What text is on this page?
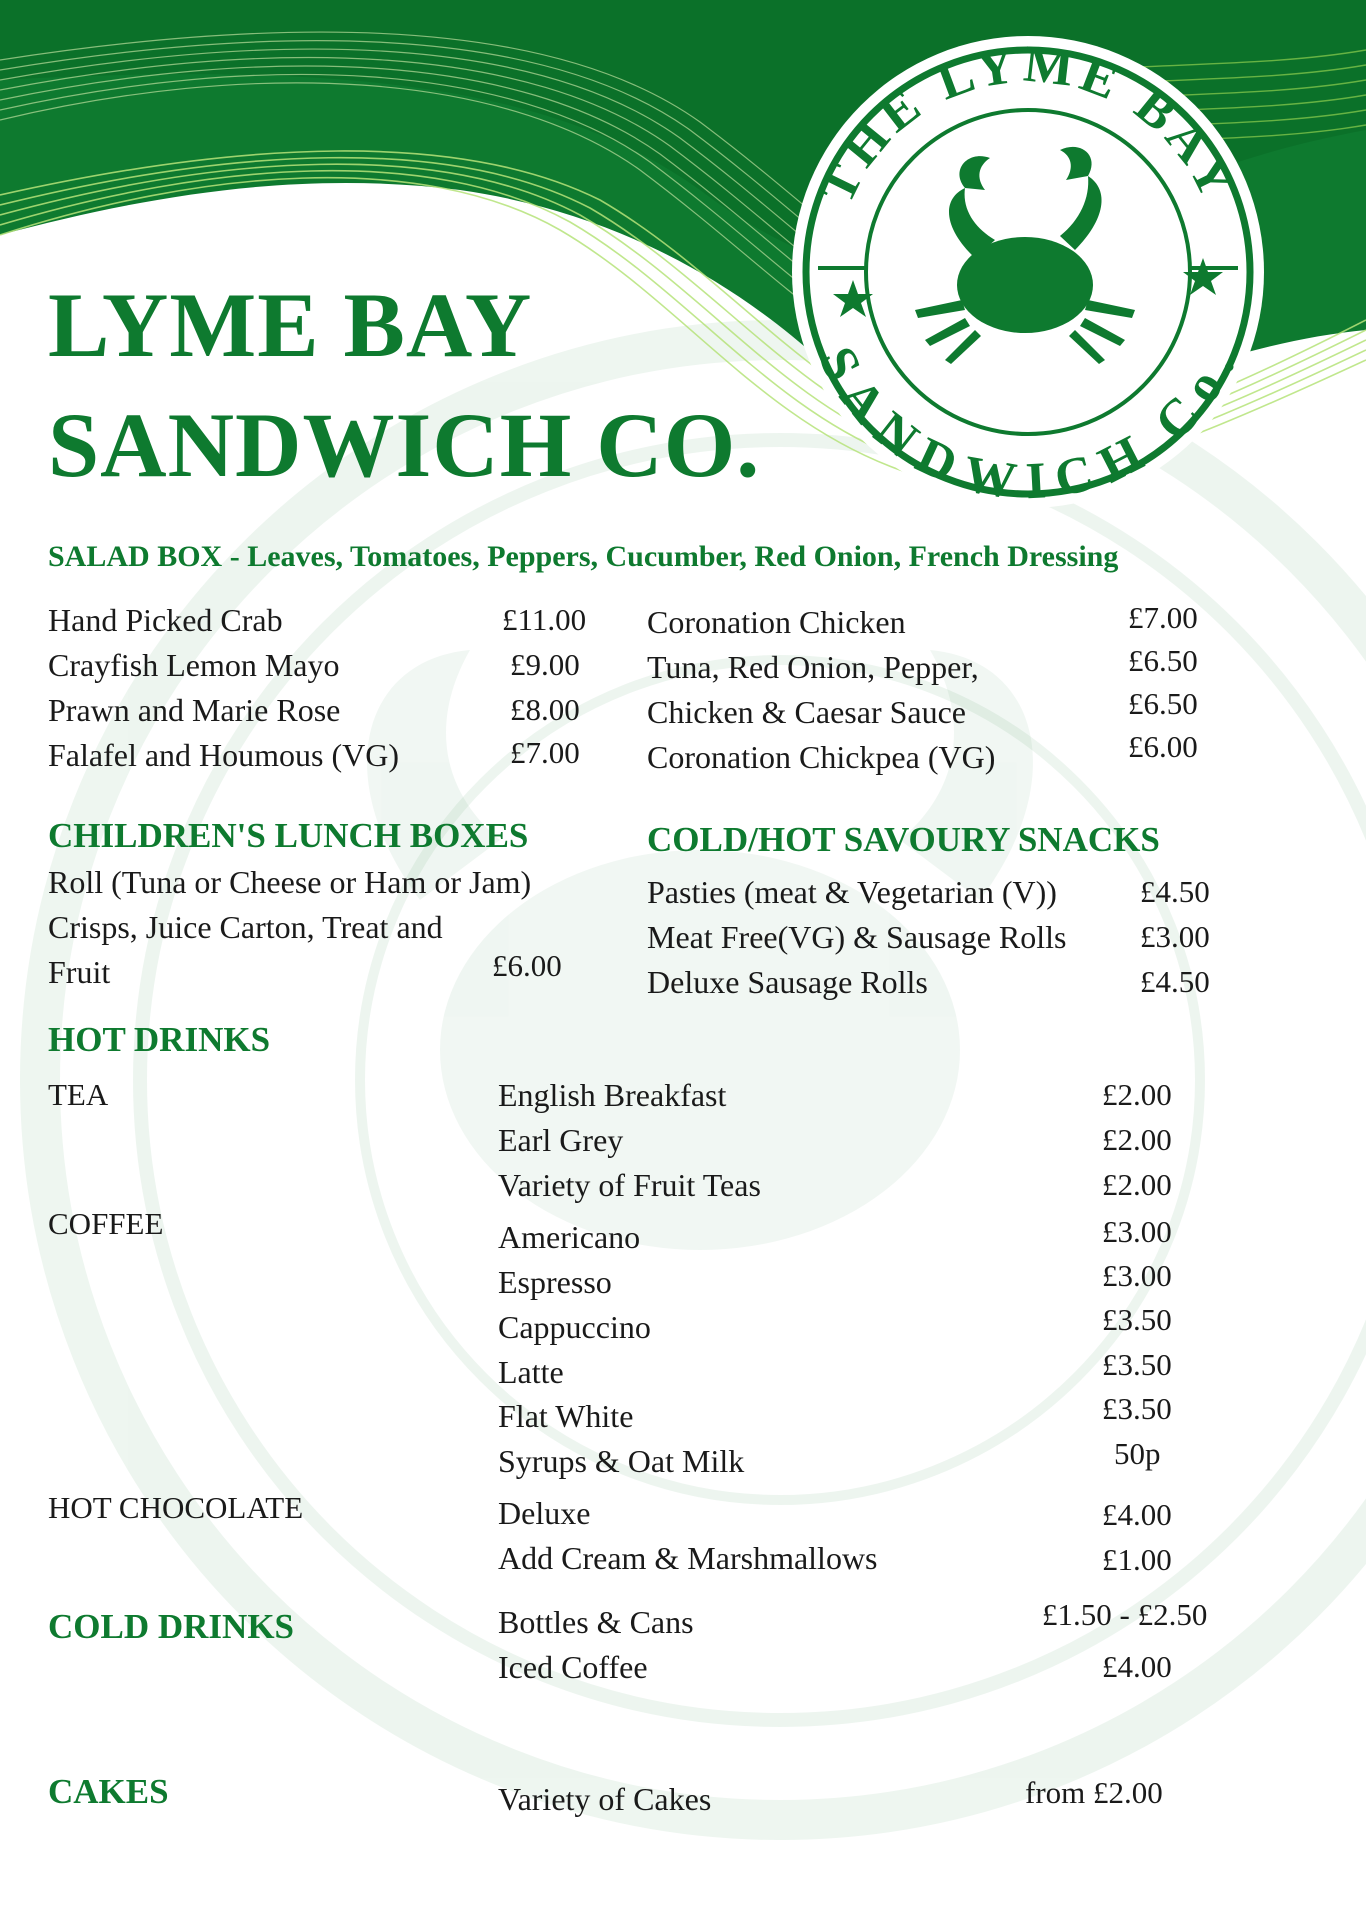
THE LYME BAY
SANDWICH Co.
LYME BAY
SANDWICH CO.
SALAD BOX - Leaves, Tomatoes, Peppers, Cucumber, Red Onion, French Dressing
Hand Picked Crab	£11.00
Crayfish Lemon Mayo	£9.00
Prawn and Marie Rose	£8.00
Falafel and Houmous (VG)	£7.00
Coronation Chicken	£7.00
Tuna, Red Onion, Pepper,	£6.50
Chicken & Caesar Sauce	£6.50
Coronation Chickpea (VG)	£6.00
CHILDREN'S LUNCH BOXES
Roll (Tuna or Cheese or Ham or Jam)
Crisps, Juice Carton, Treat and
Fruit	£6.00
COLD/HOT SAVOURY SNACKS
Pasties (meat & Vegetarian (V))	£4.50
Meat Free(VG) & Sausage Rolls £3.00
Deluxe Sausage Rolls	£4.50
HOT DRINKS
TEA	English Breakfast	£2.00
Earl Grey	£2.00
Variety of Fruit Teas	£2.00
COFFEE	Americano	£3.00
Espresso	£3.00
Cappuccino	£3.50
Latte	£3.50
Flat White	£3.50
Syrups & Oat Milk	50p
HOT CHOCOLATE	Deluxe	£4.00
Add Cream & Marshmallows	£1.00
COLD DRINKS	Bottles & Cans	£1.50 - £2.50
Iced Coffee	£4.00
CAKES	Variety of Cakes	from £2.00
